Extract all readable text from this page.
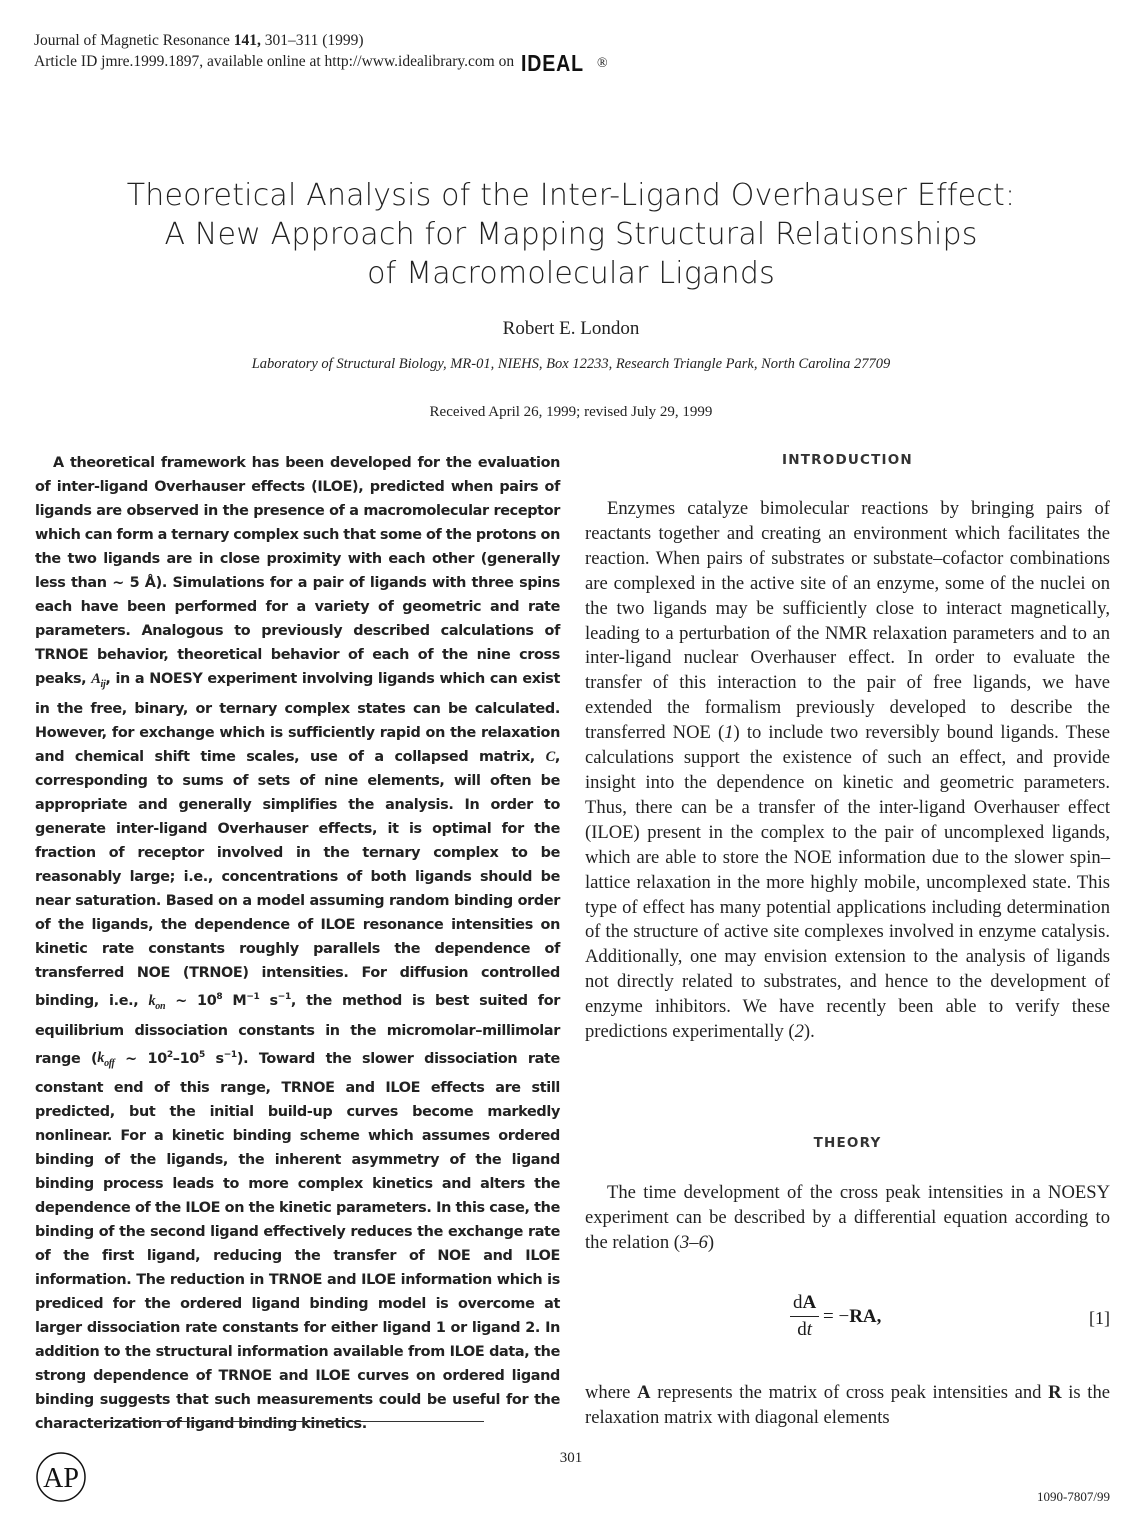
Journal of Magnetic Resonance 141, 301–311 (1999)
Article ID jmre.1999.1897, available online at http://www.idealibrary.com on IDEAL ®
Theoretical Analysis of the Inter-Ligand Overhauser Effect:
A New Approach for Mapping Structural Relationships
of Macromolecular Ligands
Robert E. London
Laboratory of Structural Biology, MR-01, NIEHS, Box 12233, Research Triangle Park, North Carolina 27709
Received April 26, 1999; revised July 29, 1999

A theoretical framework has been developed for the evaluation of inter-ligand Overhauser effects (ILOE), predicted when pairs of ligands are observed in the presence of a macromolecular receptor which can form a ternary complex such that some of the protons on the two ligands are in close proximity with each other (generally less than ~ 5 Å). Simulations for a pair of ligands with three spins each have been performed for a variety of geometric and rate parameters. Analogous to previously described calculations of TRNOE behavior, theoretical behavior of each of the nine cross peaks, $A_{ij}$, in a NOESY experiment involving ligands which can exist in the free, binary, or ternary complex states can be calculated. However, for exchange which is sufficiently rapid on the relaxation and chemical shift time scales, use of a collapsed matrix, C, corresponding to sums of sets of nine elements, will often be appropriate and generally simplifies the analysis. In order to generate inter-ligand Overhauser effects, it is optimal for the fraction of receptor involved in the ternary complex to be reasonably large; i.e., concentrations of both ligands should be near saturation. Based on a model assuming random binding order of the ligands, the dependence of ILOE resonance intensities on kinetic rate constants roughly parallels the dependence of transferred NOE (TRNOE) intensities. For diffusion controlled binding, i.e., $k_{on}$ ~ $10^8$ $M^{-1}$ $s^{-1}$, the method is best suited for equilibrium dissociation constants in the micromolar–millimolar range ($k_{off}$ ~ $10^2-10^5$ $s^{-1}$). Toward the slower dissociation rate constant end of this range, TRNOE and ILOE effects are still predicted, but the initial build-up curves become markedly nonlinear. For a kinetic binding scheme which assumes ordered binding of the ligands, the inherent asymmetry of the ligand binding process leads to more complex kinetics and alters the dependence of the ILOE on the kinetic parameters. In this case, the binding of the second ligand effectively reduces the exchange rate of the first ligand, reducing the transfer of NOE and ILOE information. The reduction in TRNOE and ILOE information which is prediced for the ordered ligand binding model is overcome at larger dissociation rate constants for either ligand 1 or ligand 2. In addition to the structural information available from ILOE data, the strong dependence of TRNOE and ILOE curves on ordered ligand binding suggests that such measurements could be useful for the characterization of ligand binding kinetics.

INTRODUCTION

Enzymes catalyze bimolecular reactions by bringing pairs of reactants together and creating an environment which facilitates the reaction. When pairs of substrates or substate–cofactor combinations are complexed in the active site of an enzyme, some of the nuclei on the two ligands may be sufficiently close to interact magnetically, leading to a perturbation of the NMR relaxation parameters and to an inter-ligand nuclear Overhauser effect. In order to evaluate the transfer of this interaction to the pair of free ligands, we have extended the formalism previously developed to describe the transferred NOE (1) to include two reversibly bound ligands. These calculations support the existence of such an effect, and provide insight into the dependence on kinetic and geometric parameters. Thus, there can be a transfer of the inter-ligand Overhauser effect (ILOE) present in the complex to the pair of uncomplexed ligands, which are able to store the NOE information due to the slower spin–lattice relaxation in the more highly mobile, uncomplexed state. This type of effect has many potential applications including determination of the structure of active site complexes involved in enzyme catalysis. Additionally, one may envision extension to the analysis of ligands not directly related to substrates, and hence to the development of enzyme inhibitors. We have recently been able to verify these predictions experimentally (2).

THEORY

The time development of the cross peak intensities in a NOESY experiment can be described by a differential equation according to the relation (3–6)

$\frac{dA}{dt} = -RA$,	[1]

where A represents the matrix of cross peak intensities and R is the relaxation matrix with diagonal elements

301
1090-7807/99
AP
